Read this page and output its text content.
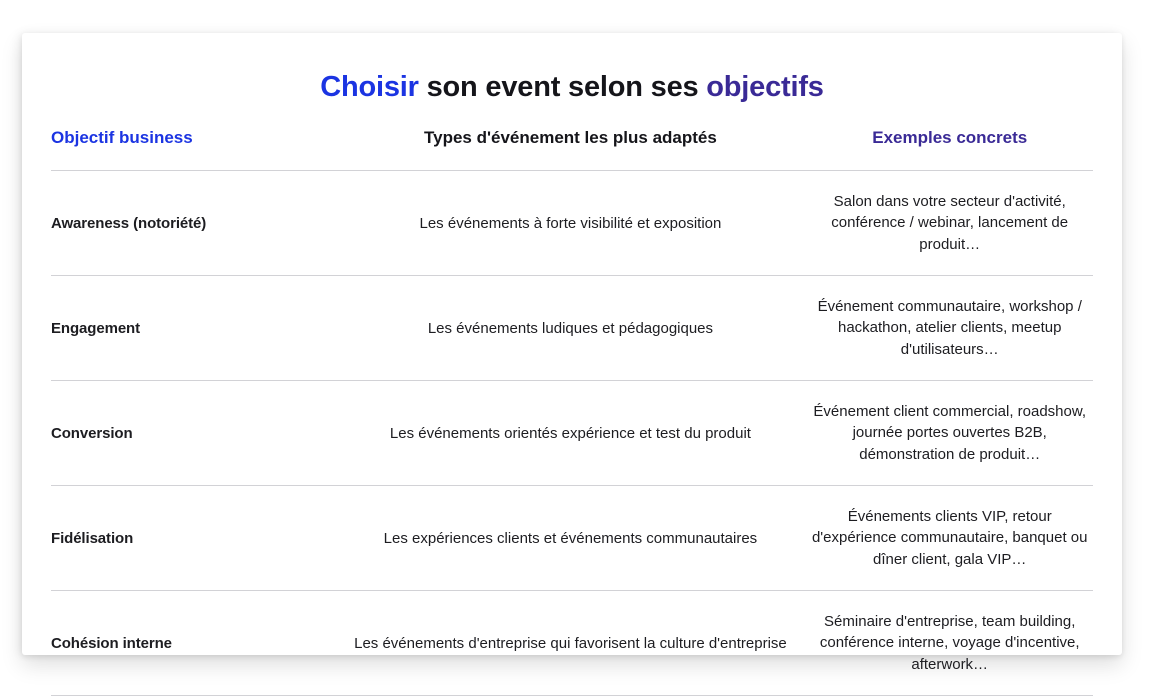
Choisir son event selon ses objectifs
Objectif business	Types d'événement les plus adaptés	Exemples concrets
Awareness (notoriété)	Les événements à forte visibilité et exposition	Salon dans votre secteur d'activité, conférence / webinar, lancement de produit…
Engagement	Les événements ludiques et pédagogiques	Événement communautaire, workshop / hackathon, atelier clients, meetup d'utilisateurs…
Conversion	Les événements orientés expérience et test du produit	Événement client commercial, roadshow, journée portes ouvertes B2B, démonstration de produit…
Fidélisation	Les expériences clients et événements communautaires	Événements clients VIP, retour d'expérience communautaire, banquet ou dîner client, gala VIP…
Cohésion interne	Les événements d'entreprise qui favorisent la culture d'entreprise	Séminaire d'entreprise, team building, conférence interne, voyage d'incentive, afterwork…
